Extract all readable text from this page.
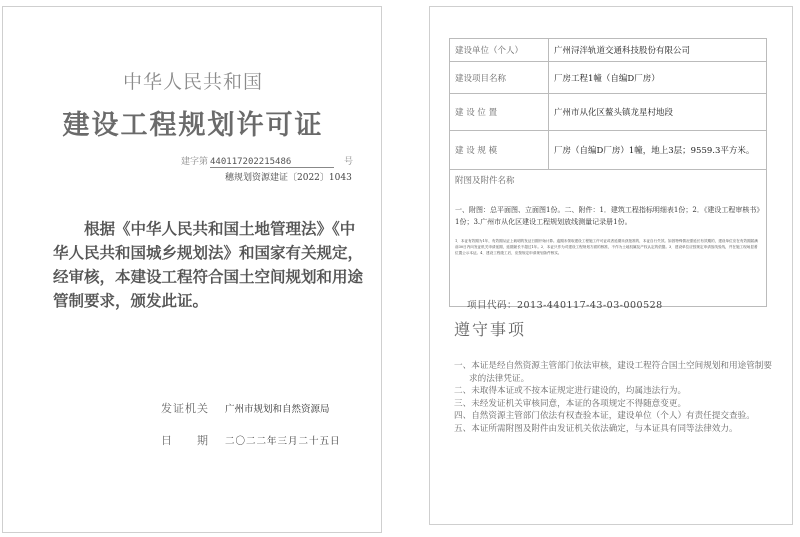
中华人民共和国
建设工程规划许可证
建字第 440117202215486	号
穗规划资源建证〔2022〕1043
根据《中华人民共和国土地管理法》《中华人民共和国城乡规划法》和国家有关规定，经审核，本建设工程符合国土空间规划和用途管制要求，颁发此证。
发证机关 广州市规划和自然资源局
日　　期 二〇二二年三月二十五日
建设单位（个人）	广州浔泮轨道交通科技股份有限公司
建设项目名称	厂房工程1幢（自编D厂房）
建 设 位 置	广州市从化区鳌头镇龙星村地段
建 设 规 模	厂房（自编D厂房）1幢，地上3层；9559.3平方米。

附图及附件名称
一、附图：总平面图、立面图1份。二、附件：1．建筑工程指标明细表1份；2．《建设工程审核书》1份；3.广州市从化区建设工程规划放线测量记录册1份。
1．本证有效期为1年，有效期从证上载明的发证日期开始计算。逾期未领取建设工程施工许可证或者延期未获批准的，本证自行失效。如因特殊情况需延长有效期的，建设单位应在有效期届满前30日内向发证机关申请延期，延期最长不超过1年。2．本证只作为对建设工程规划方面的核准，不作为土地权属及产权认定的依据。3．建设单位应按规定申请放线验线，并在施工现场显著位置公示本证。4．建设工程竣工后，应按规定申请规划条件核实。	
项目代码：2013-440117-43-03-000528
遵守事项
一、本证是经自然资源主管部门依法审核，建设工程符合国土空间规划和用途管制要求的法律凭证。
二、未取得本证或不按本证规定进行建设的，均属违法行为。
三、未经发证机关审核同意，本证的各项规定不得随意变更。
四、自然资源主管部门依法有权查验本证，建设单位（个人）有责任提交查验。
五、本证所需附图及附件由发证机关依法确定，与本证具有同等法律效力。
